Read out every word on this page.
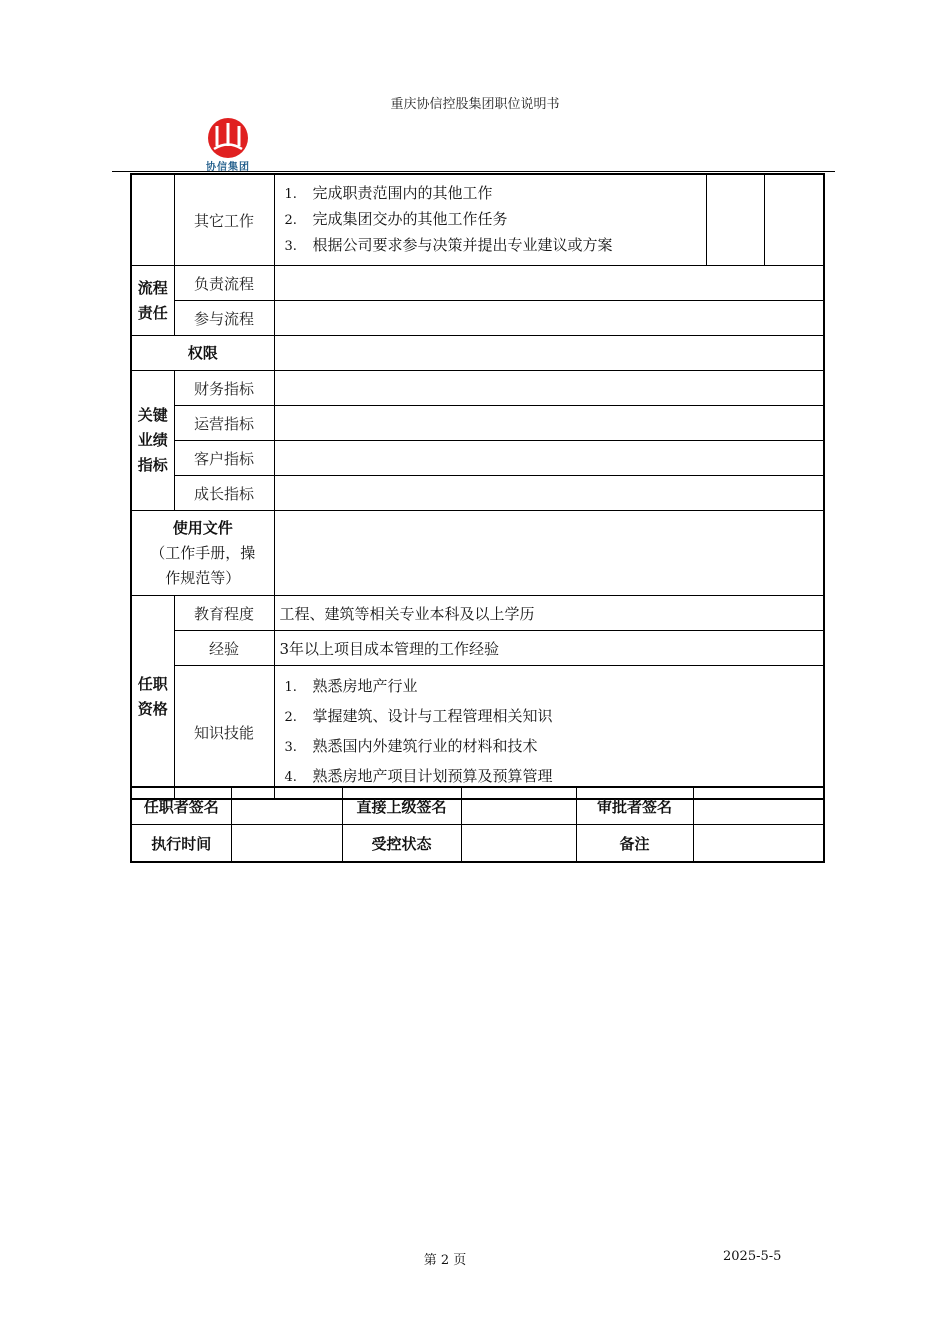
重庆协信控股集团职位说明书
协信集团
	其它工作	1. 完成职责范围内的其他工作
2. 完成集团交办的其他工作任务
3. 根据公司要求参与决策并提出专业建议或方案		

流程
责任	负责流程			
	参与流程			
权限				

关键
业绩
指标	财务指标			
	运营指标			
	客户指标			
	成长指标			

使用文件
（工作手册，操
作规范等）				

任职
资格	教育程度	工程、建筑等相关专业本科及以上学历		
	经验	3年以上项目成本管理的工作经验		
	知识技能	1. 熟悉房地产行业
2. 掌握建筑、设计与工程管理相关知识
3. 熟悉国内外建筑行业的材料和技术
4. 熟悉房地产项目计划预算及预算管理		
任职者签名		直接上级签名		审批者签名	
执行时间		受控状态		备注	
第 2 页	2025-5-5
